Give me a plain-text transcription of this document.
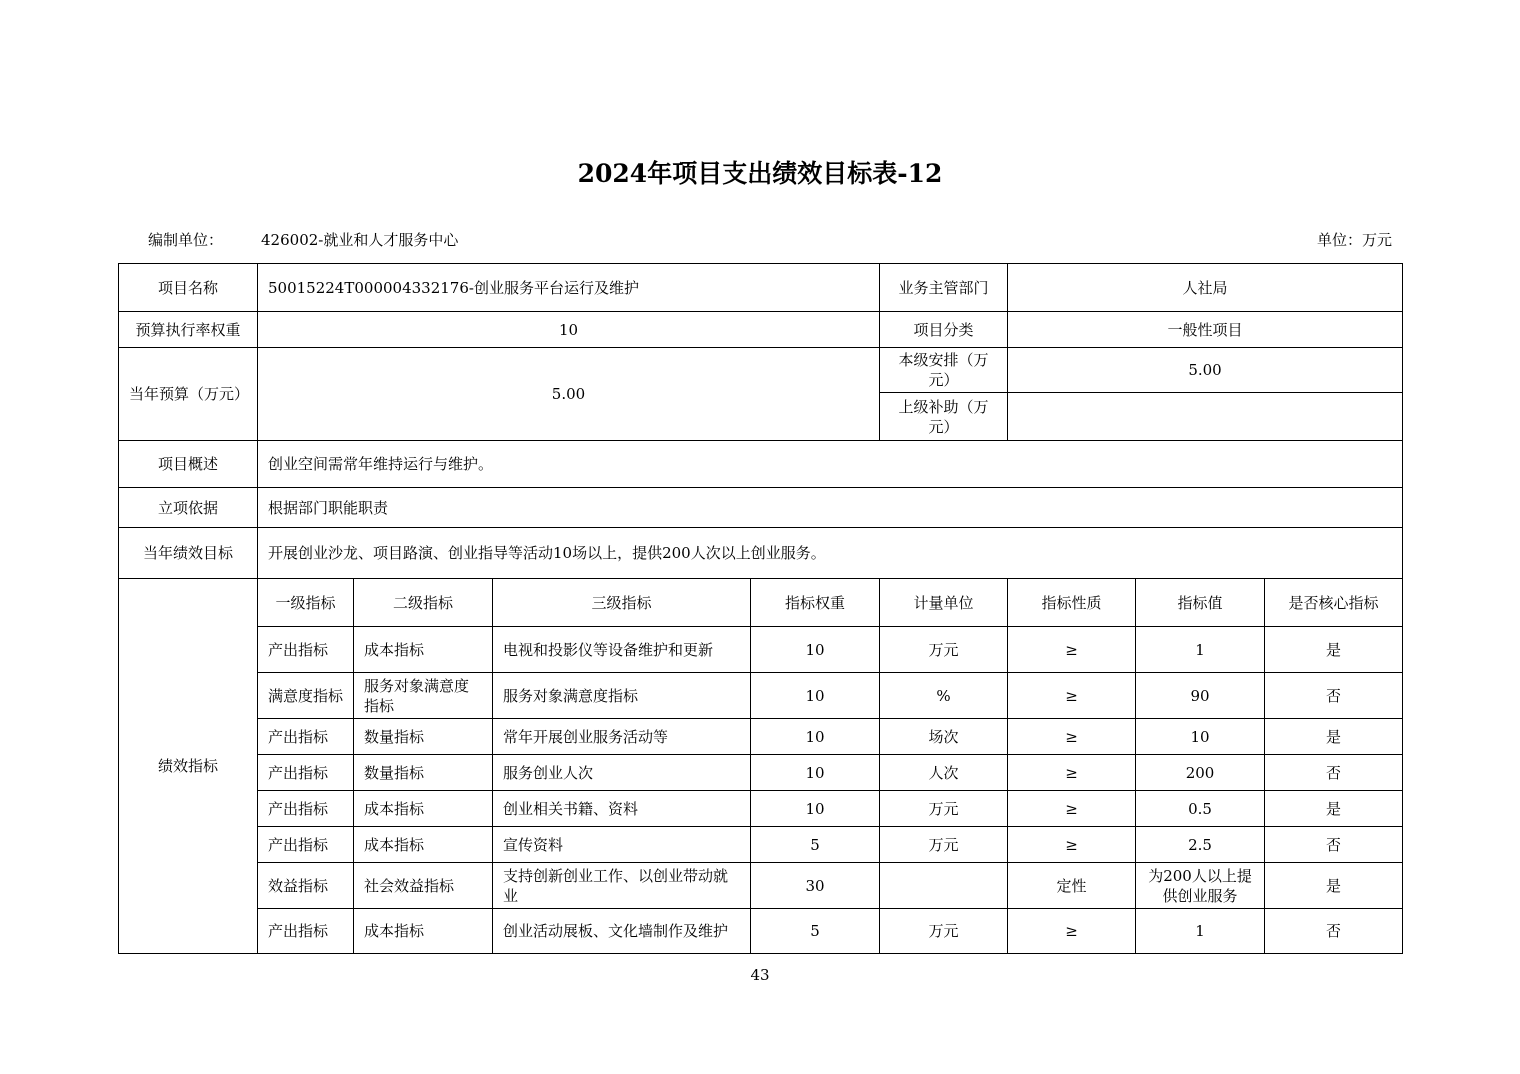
2024年项目支出绩效目标表-12
编制单位：	426002-就业和人才服务中心	单位：万元
项目名称	50015224T000004332176-创业服务平台运行及维护				业务主管部门	人社局		
预算执行率权重	10				项目分类	一般性项目		
当年预算（万元）	5.00				本级安排（万元）	5.00		
					上级补助（万元）			
项目概述	创业空间需常年维持运行与维护。							
立项依据	根据部门职能职责							
当年绩效目标	开展创业沙龙、项目路演、创业指导等活动10场以上，提供200人次以上创业服务。							
绩效指标	一级指标	二级指标	三级指标	指标权重	计量单位	指标性质	指标值	是否核心指标
	产出指标	成本指标	电视和投影仪等设备维护和更新	10	万元	≥	1	是
	满意度指标	服务对象满意度指标	服务对象满意度指标	10	%	≥	90	否
	产出指标	数量指标	常年开展创业服务活动等	10	场次	≥	10	是
	产出指标	数量指标	服务创业人次	10	人次	≥	200	否
	产出指标	成本指标	创业相关书籍、资料	10	万元	≥	0.5	是
	产出指标	成本指标	宣传资料	5	万元	≥	2.5	否
	效益指标	社会效益指标	支持创新创业工作、以创业带动就业	30		定性	为200人以上提供创业服务	是
	产出指标	成本指标	创业活动展板、文化墙制作及维护	5	万元	≥	1	否
43
